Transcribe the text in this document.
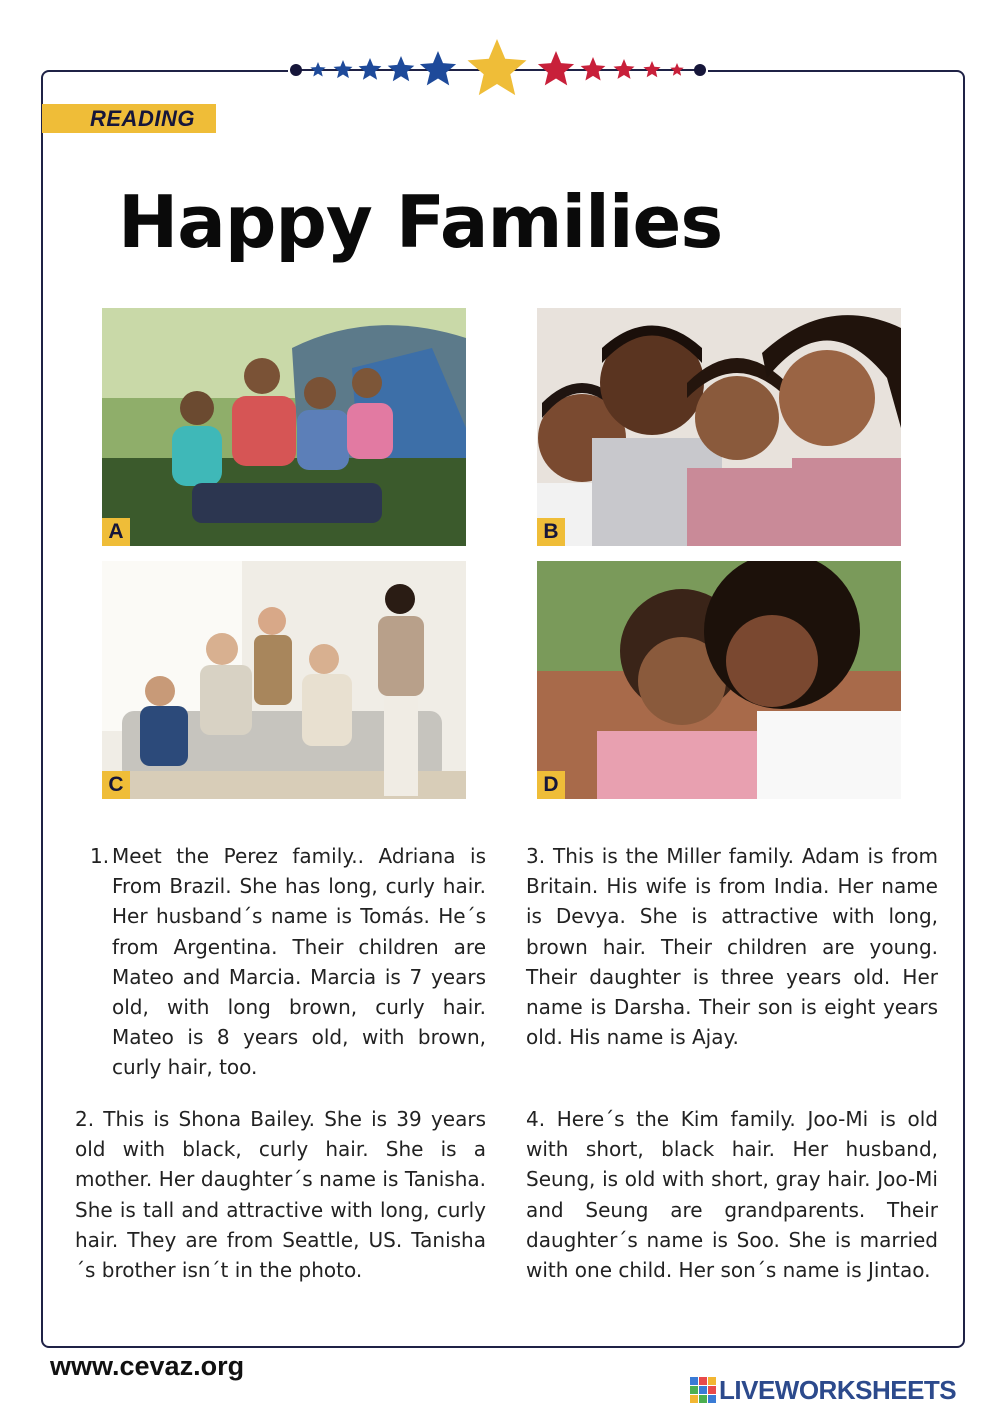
READING
Happy Families
A	B
C	D
1. Meet the Perez family.. Adriana is From Brazil. She has long, curly hair. Her husband´s name is Tomás. He´s from Argentina. Their children are Mateo and Marcia. Marcia is 7 years old, with long brown, curly hair. Mateo is 8 years old, with brown, curly hair, too.

3. This is the Miller family. Adam is from Britain. His wife is from India. Her name is Devya. She is attractive with long, brown hair. Their children are young. Their daughter is three years old. Her name is Darsha. Their son is eight years old. His name is Ajay.

2. This is Shona Bailey. She is 39 years old with black, curly hair. She is a mother. Her daughter´s name is Tanisha. She is tall and attractive with long, curly hair. They are from Seattle, US. Tanisha´s brother isn´t in the photo.

4. Here´s the Kim family. Joo-Mi is old with short, black hair. Her husband, Seung, is old with short, gray hair. Joo-Mi and Seung are grandparents. Their daughter´s name is Soo. She is married with one child. Her son´s name is Jintao.

www.cevaz.org
LIVEWORKSHEETS
